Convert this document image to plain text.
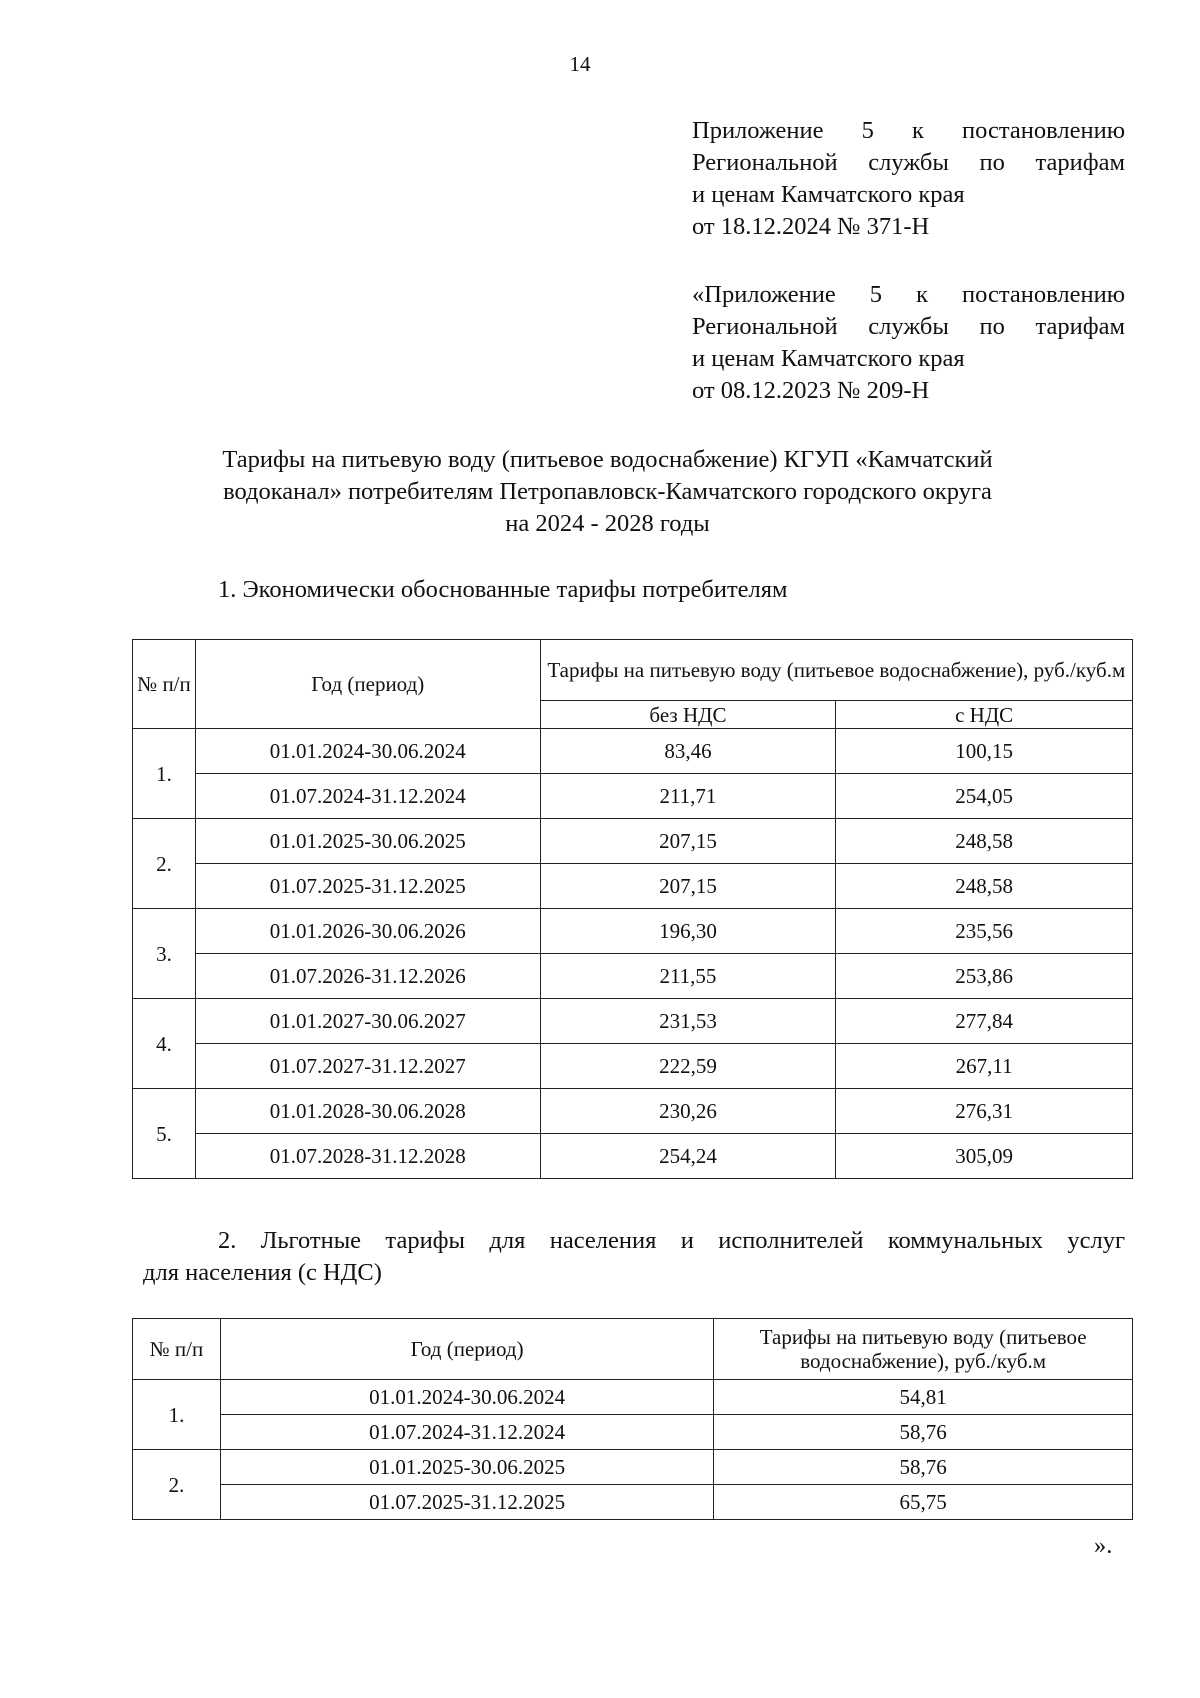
14
Приложение 5 к постановлению
Региональной службы по тарифам
и ценам Камчатского края
от 18.12.2024 № 371-Н
«Приложение 5 к постановлению
Региональной службы по тарифам
и ценам Камчатского края
от 08.12.2023 № 209-Н
Тарифы на питьевую воду (питьевое водоснабжение) КГУП «Камчатский
водоканал» потребителям Петропавловск-Камчатского городского округа
на 2024 - 2028 годы
1. Экономически обоснованные тарифы потребителям
№ п/п	Год (период)	Тарифы на питьевую воду (питьевое водоснабжение), руб./куб.м	
		без НДС	с НДС
1.	01.01.2024-30.06.2024	83,46	100,15
	01.07.2024-31.12.2024	211,71	254,05
2.	01.01.2025-30.06.2025	207,15	248,58
	01.07.2025-31.12.2025	207,15	248,58
3.	01.01.2026-30.06.2026	196,30	235,56
	01.07.2026-31.12.2026	211,55	253,86
4.	01.01.2027-30.06.2027	231,53	277,84
	01.07.2027-31.12.2027	222,59	267,11
5.	01.01.2028-30.06.2028	230,26	276,31
	01.07.2028-31.12.2028	254,24	305,09
2. Льготные тарифы для населения и исполнителей коммунальных услуг
для населения (с НДС)
№ п/п	Год (период)	Тарифы на питьевую воду (питьевое водоснабжение), руб./куб.м
1.	01.01.2024-30.06.2024	54,81
	01.07.2024-31.12.2024	58,76
2.	01.01.2025-30.06.2025	58,76
	01.07.2025-31.12.2025	65,75
».
